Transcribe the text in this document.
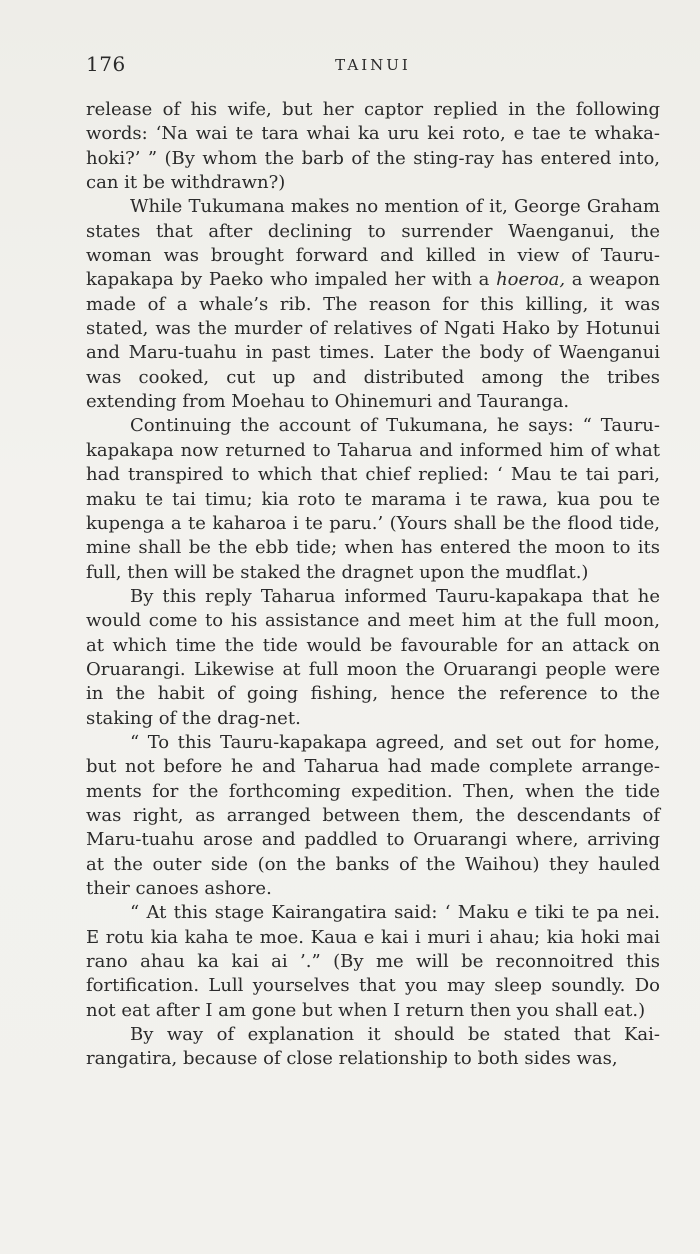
176	TAINUI

release of his wife, but her captor replied in the following words: ‘Na wai te tara whai ka uru kei roto, e tae te whakahoki?’ ” (By whom the barb of the sting-ray has entered into, can it be withdrawn?)

While Tukumana makes no mention of it, George Graham states that after declining to surrender Waenganui, the woman was brought forward and killed in view of Tauru-kapakapa by Paeko who impaled her with a hoeroa, a weapon made of a whale’s rib. The reason for this killing, it was stated, was the murder of relatives of Ngati Hako by Hotunui and Maru-tuahu in past times. Later the body of Waenganui was cooked, cut up and distributed among the tribes extending from Moehau to Ohinemuri and Tauranga.

Continuing the account of Tukumana, he says: “ Taurukapakapa now returned to Taharua and informed him of what had transpired to which that chief replied: ‘ Mau te tai pari, maku te tai timu; kia roto te marama i te rawa, kua pou te kupenga a te kaharoa i te paru.’ (Yours shall be the flood tide, mine shall be the ebb tide; when has entered the moon to its full, then will be staked the dragnet upon the mudflat.)

By this reply Taharua informed Tauru-kapakapa that he would come to his assistance and meet him at the full moon, at which time the tide would be favourable for an attack on Oruarangi. Likewise at full moon the Oruarangi people were in the habit of going fishing, hence the reference to the staking of the drag-net.

“ To this Tauru-kapakapa agreed, and set out for home, but not before he and Taharua had made complete arrangements for the forthcoming expedition. Then, when the tide was right, as arranged between them, the descendants of Maru-tuahu arose and paddled to Oruarangi where, arriving at the outer side (on the banks of the Waihou) they hauled their canoes ashore.

“ At this stage Kairangatira said: ‘ Maku e tiki te pa nei. E rotu kia kaha te moe. Kaua e kai i muri i ahau; kia hoki mai rano ahau ka kai ai ’.” (By me will be reconnoitred this fortification. Lull yourselves that you may sleep soundly. Do not eat after I am gone but when I return then you shall eat.)

By way of explanation it should be stated that Kairangatira, because of close relationship to both sides was,
